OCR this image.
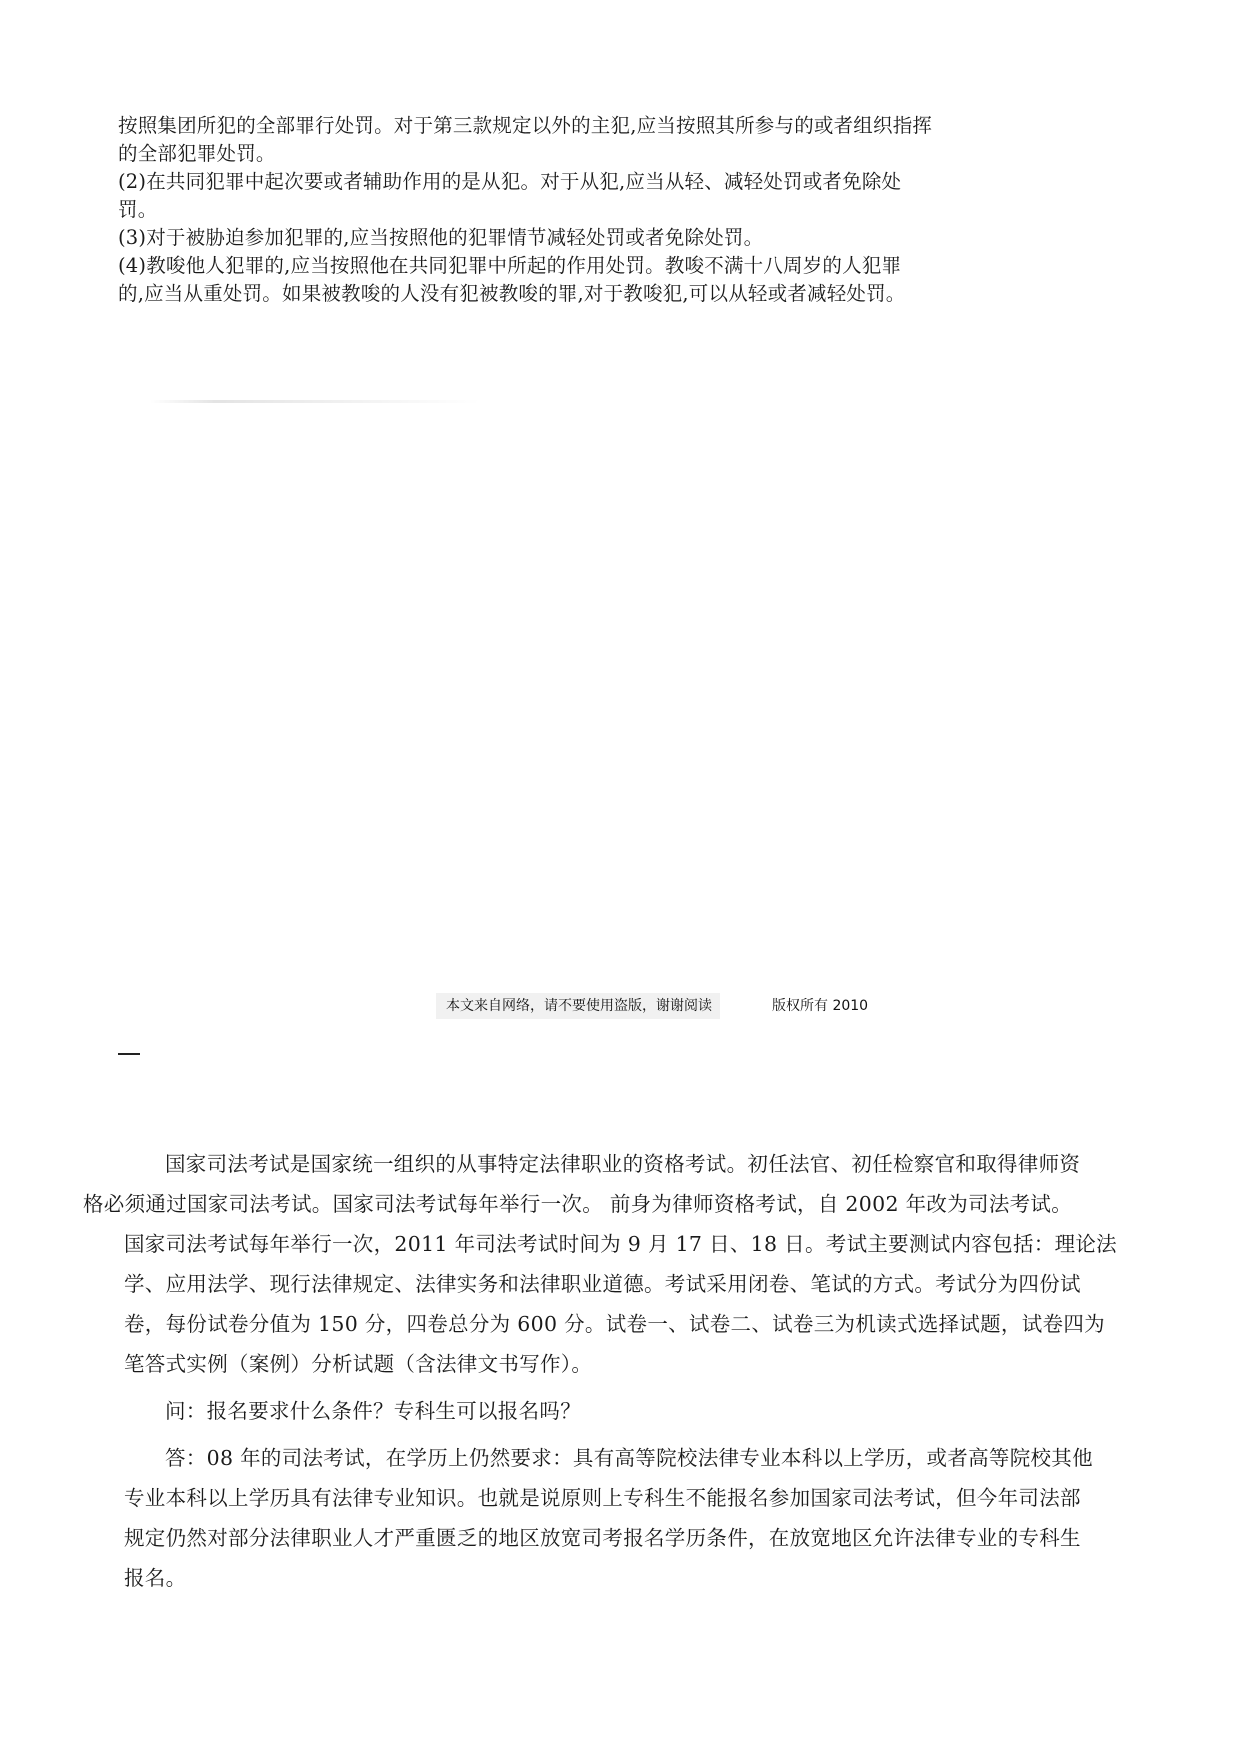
按照集团所犯的全部罪行处罚。对于第三款规定以外的主犯,应当按照其所参与的或者组织指挥
的全部犯罪处罚。
(2)在共同犯罪中起次要或者辅助作用的是从犯。对于从犯,应当从轻、减轻处罚或者免除处
罚。
(3)对于被胁迫参加犯罪的,应当按照他的犯罪情节减轻处罚或者免除处罚。
(4)教唆他人犯罪的,应当按照他在共同犯罪中所起的作用处罚。教唆不满十八周岁的人犯罪
的,应当从重处罚。如果被教唆的人没有犯被教唆的罪,对于教唆犯,可以从轻或者减轻处罚。
本文来自网络，请不要使用盗版，谢谢阅读	版权所有 2010
国家司法考试是国家统一组织的从事特定法律职业的资格考试。初任法官、初任检察官和取得律师资
格必须通过国家司法考试。国家司法考试每年举行一次。 前身为律师资格考试，自 2002 年改为司法考试。
国家司法考试每年举行一次，2011 年司法考试时间为 9 月 17 日、18 日。考试主要测试内容包括：理论法
学、应用法学、现行法律规定、法律实务和法律职业道德。考试采用闭卷、笔试的方式。考试分为四份试
卷，每份试卷分值为 150 分，四卷总分为 600 分。试卷一、试卷二、试卷三为机读式选择试题，试卷四为
笔答式实例（案例）分析试题（含法律文书写作）。
问：报名要求什么条件？专科生可以报名吗？
答：08 年的司法考试，在学历上仍然要求：具有高等院校法律专业本科以上学历，或者高等院校其他
专业本科以上学历具有法律专业知识。也就是说原则上专科生不能报名参加国家司法考试，但今年司法部
规定仍然对部分法律职业人才严重匮乏的地区放宽司考报名学历条件，在放宽地区允许法律专业的专科生
报名。
